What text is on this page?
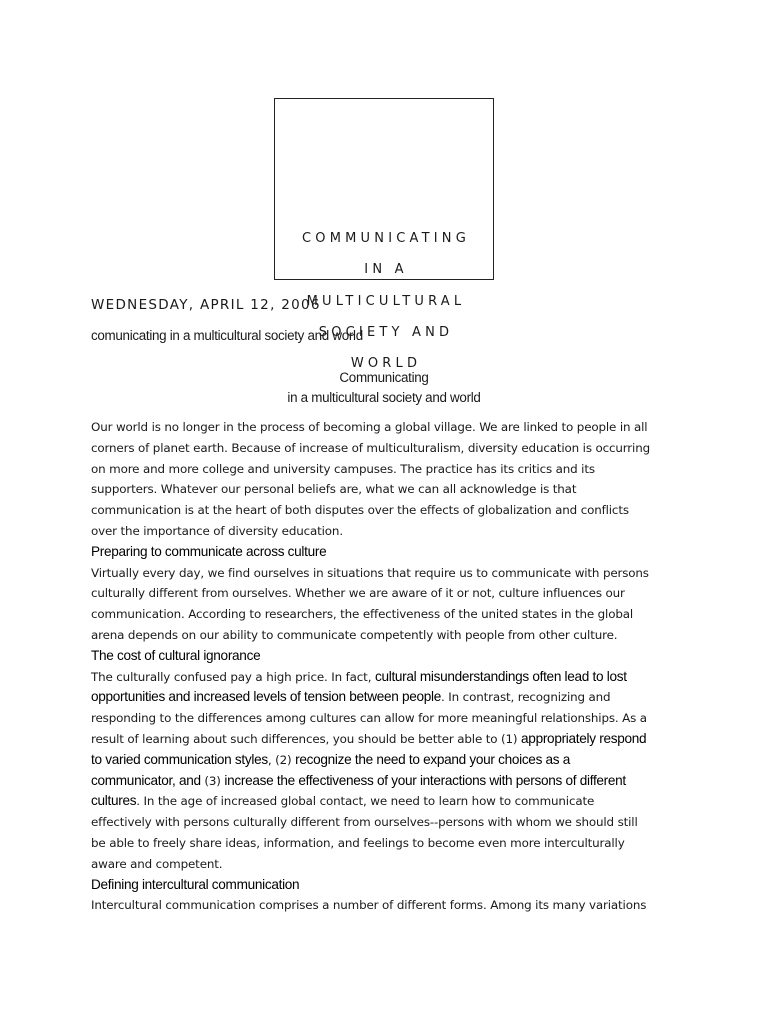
COMMUNICATING
IN A
MULTICULTURAL
SOCIETY AND
WORLD
WEDNESDAY, APRIL 12, 2006
comunicating in a multicultural society and world
Communicating
in a multicultural society and world
Our world is no longer in the process of becoming a global village. We are linked to people in all
corners of planet earth. Because of increase of multiculturalism, diversity education is occurring
on more and more college and university campuses. The practice has its critics and its
supporters. Whatever our personal beliefs are, what we can all acknowledge is that
communication is at the heart of both disputes over the effects of globalization and conflicts
over the importance of diversity education.
Preparing to communicate across culture
Virtually every day, we find ourselves in situations that require us to communicate with persons
culturally different from ourselves. Whether we are aware of it or not, culture influences our
communication. According to researchers, the effectiveness of the united states in the global
arena depends on our ability to communicate competently with people from other culture.
The cost of cultural ignorance
The culturally confused pay a high price. In fact, cultural misunderstandings often lead to lost
opportunities and increased levels of tension between people. In contrast, recognizing and
responding to the differences among cultures can allow for more meaningful relationships. As a
result of learning about such differences, you should be better able to (1) appropriately respond
to varied communication styles, (2) recognize the need to expand your choices as a
communicator, and (3) increase the effectiveness of your interactions with persons of different
cultures. In the age of increased global contact, we need to learn how to communicate
effectively with persons culturally different from ourselves--persons with whom we should still
be able to freely share ideas, information, and feelings to become even more interculturally
aware and competent.
Defining intercultural communication
Intercultural communication comprises a number of different forms. Among its many variations
